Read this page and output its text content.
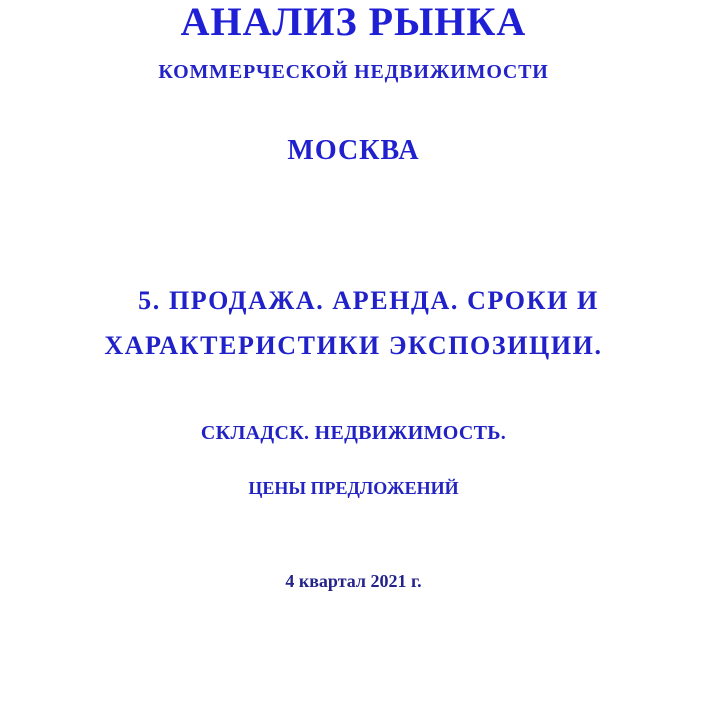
АНАЛИЗ РЫНКА

КОММЕРЧЕСКОЙ НЕДВИЖИМОСТИ

МОСКВА

5. ПРОДАЖА. АРЕНДА. СРОКИ И

ХАРАКТЕРИСТИКИ ЭКСПОЗИЦИИ.

СКЛАДСК. НЕДВИЖИМОСТЬ.

ЦЕНЫ ПРЕДЛОЖЕНИЙ

4 квартал 2021 г.
